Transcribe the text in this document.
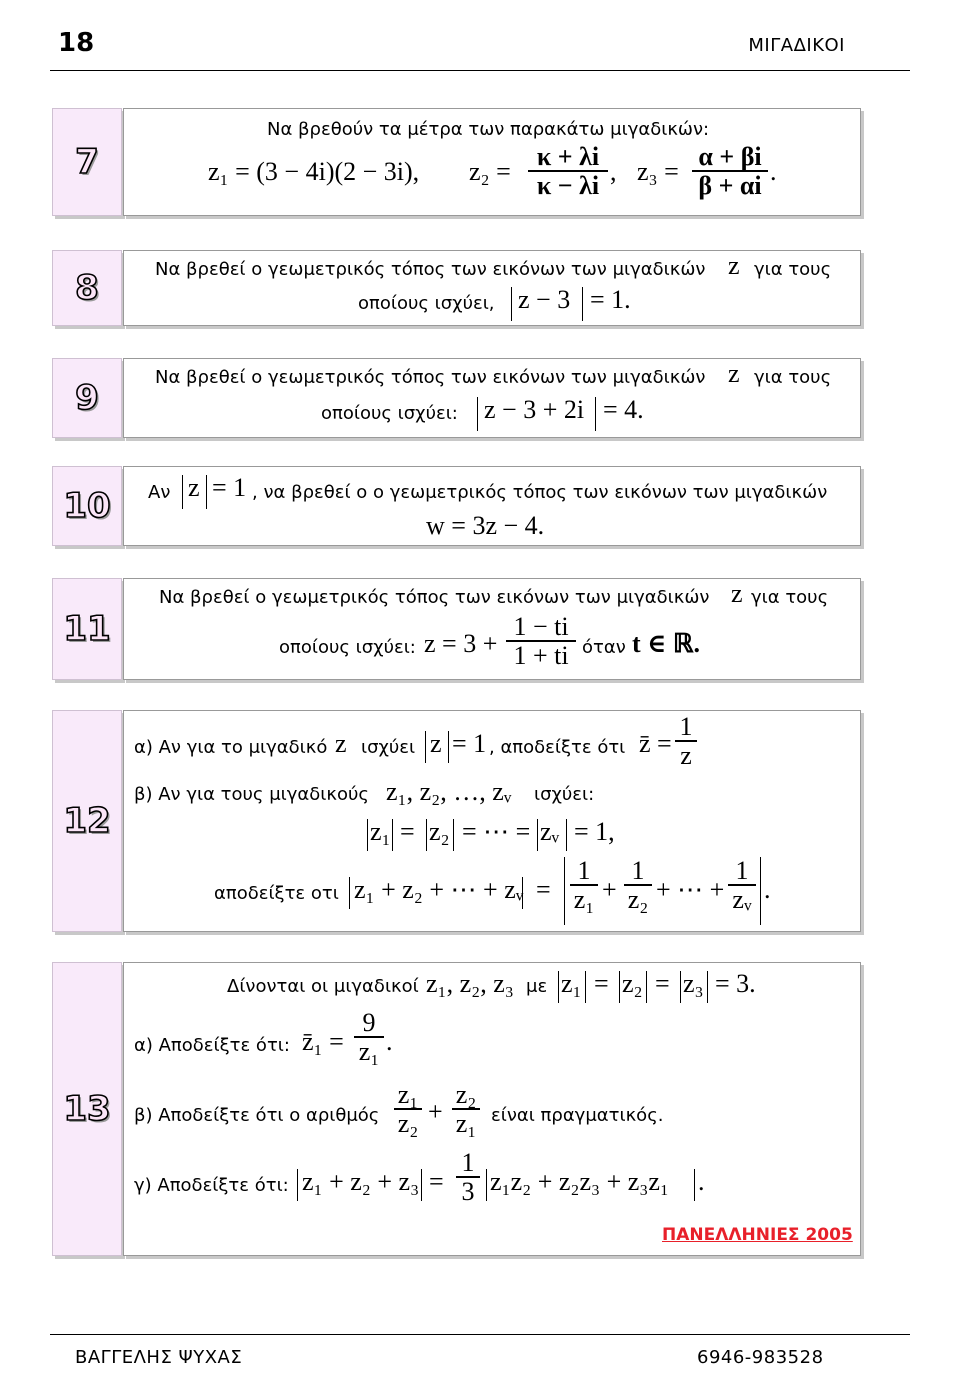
18	ΜΙΓΑΔΙΚΟΙ
7
Να βρεθούν τα μέτρα των παρακάτω μιγαδικών:
z₁ = (3 − 4i)(2 − 3i), $z_2 = \frac{\kappa + \lambda i}{\kappa - \lambda i}$ , $z_3 = \frac{\alpha + \beta i}{\beta + \alpha i}$ .
8	Να βρεθεί ο γεωμετρικός τόπος των εικόνων των μιγαδικών z για τους
οποίους ισχύει, z − 3 = 1.
9
Να βρεθεί ο γεωμετρικός τόπος των εικόνων των μιγαδικών z για τους
οποίους ισχύει: z − 3 + 2i = 4.
10 Αν z = 1 , να βρεθεί ο ο γεωμετρικός τόπος των εικόνων των μιγαδικών
w = 3z − 4.
11
Να βρεθεί ο γεωμετρικός τόπος των εικόνων των μιγαδικών z για τους
οποίους ισχύει: $z = 3 + \frac{1 - ti}{1 + ti}$ όταν t ∈ ℝ.
12
α) Αν για το μιγαδικό z ισχύει z = 1 , αποδείξτε ότι z̄ = $\frac{1}{z}$
β) Αν για τους μιγαδικούς z₁, z₂, …, zᵥ ισχύει:
z₁ = z₂ = ⋯ = zᵥ = 1,
αποδείξτε οτι z₁ + z₂ + ⋯ + zᵥ = $\frac{1}{\text{z₁}} + \frac{1}{\text{z₂}}$ + ⋯ + $\frac{1}{\text{zᵥ}}$ .
13
Δίνονται οι μιγαδικοί z₁, z₂, z₃ με z₁ = z₂ = z₃ = 3.
α) Αποδείξτε ότι: z̄₁ = $\frac{9}{\text{z₁}}$ .
β) Αποδείξτε ότι ο αριθμός $\frac{\text{z₁}}{\text{z₂}} + \frac{\text{z₂}}{\text{z₁}}$ είναι πραγματικός.
γ) Αποδείξτε ότι: $z_1 + z_2 + z_3 = \frac{1}{3} z_1z_2 + z_2z_3 + z_3z_1$ .
ΠΑΝΕΛΛΗΝΙΕΣ 2005
ΒΑΓΓΕΛΗΣ ΨΥΧΑΣ	6946-983528
